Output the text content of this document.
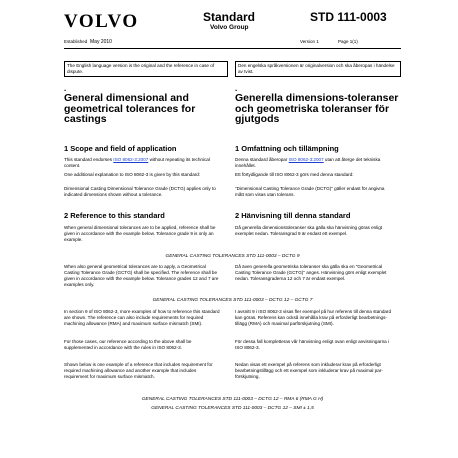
VOLVO	Standard
Volvo Group
STD 111-0003
Established May 2010	Version 1	Page 1(1)
The English language version is the original and the reference in case of dispute.
Den engelska språkversionen är originalversion och ska åberopas i händelse av tvist.
.	.
General dimensional and geometrical tolerances for castings
Generella dimensions-toleranser och geometriska toleranser för gjutgods
1 Scope and field of application	1 Omfattning och tillämpning
This standard endorses ISO 8062-3:2007 without repeating its technical content.
Denna standard åberopar ISO 8062-3:2007 utan att återge det tekniska innehållet.
One additional explanation to ISO 8062-3 is given by this standard:	Ett förtydligande till ISO 8062-3 görs med denna standard:
Dimensional Casting Dimensional Tolerance Grade (DCTG) applies only to indicated dimensions shown without a tolerance.
"Dimensional Casting Tolerance Grade (DCTG)" gäller endast för angivna mått som visas utan tolerans.
2 Reference to this standard	2 Hänvisning till denna standard
When general dimensional tolerances are to be applied, reference shall be given in accordance with the example below. Tolerance grade 9 is only an example.
Då generella dimensionstoleranser ska gälla ska hänvisning göras enligt exemplet nedan. Toleransgrad 9 är endast ett exempel.
GENERAL CASTING TOLERANCES STD 111-0003 – DCTG 9
When also general geometrical tolerances are to apply, a Geometrical Casting Tolerance Grade (GCTG) shall be specified. The reference shall be given in accordance with the example below. Tolerance grades 12 and 7 are examples only.
Då även generella geometriska toleranser ska gälla ska en "Geometrical Casting Tolerance Grade (GCTG)" anges. Hänvisning görs enligt exemplet nedan. Toleransgraderna 12 och 7 är endast exempel.
GENERAL CASTING TOLERANCES STD 111-0003 – DCTG 12 – GCTG 7
In section 9 of ISO 8062-3, more examples of how to reference this standard are shown. The reference can also include requirements for required machining allowance (RMA) and maximum surface mismatch (SMI).
I avsnitt 9 i ISO 8062-3 visas fler exempel på hur referens till denna standard kan göras. Referens kan också innehålla krav på erforderligt bearbetnings-tillägg (RMA) och maximal parförskjutning (SMI).
For those cases, our reference according to the above shall be supplemented in accordance with the rules in ISO 8062-3.
För dessa fall kompletteras vår hänvisning enligt ovan enligt anvisningarna i ISO 8062-3.
Shown below is one example of a reference that includes requirement for required machining allowance and another example that includes requirement for maximum surface mismatch.
Nedan visas ett exempel på referens som inkluderar krav på erforderligt bearbetningstillägg och ett exempel som inkluderar krav på maximal par-förskjutning.
GENERAL CASTING TOLERANCES STD 111-0003 – DCTG 12 – RMA 6 (RMA G H)
GENERAL CASTING TOLERANCES STD 111-0003 – DCTG 12 – SMI ± 1,5
